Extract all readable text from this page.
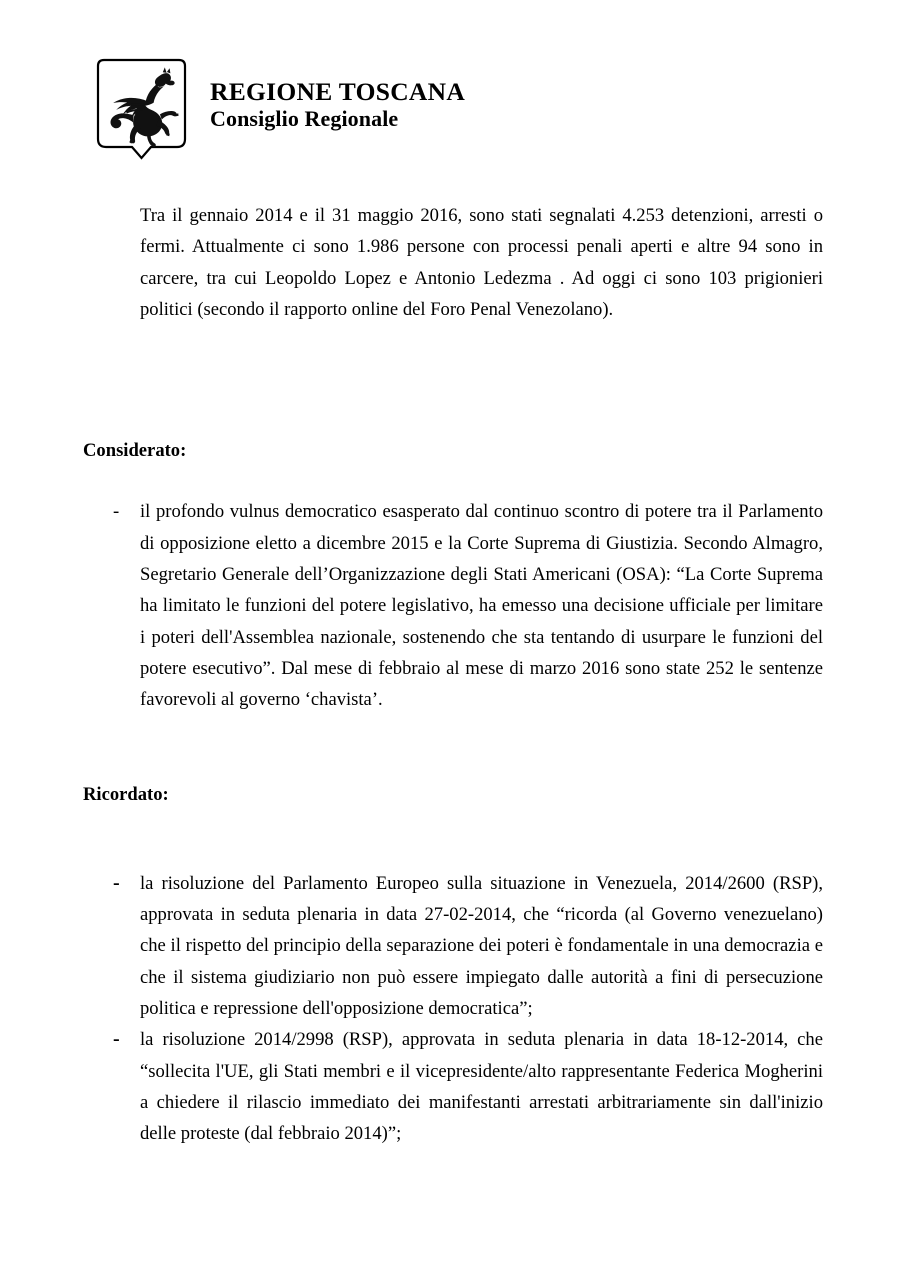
REGIONE TOSCANA
Consiglio Regionale

Tra il gennaio 2014 e il 31 maggio 2016, sono stati segnalati 4.253 detenzioni, arresti o fermi. Attualmente ci sono 1.986 persone con processi penali aperti e altre 94 sono in carcere, tra cui Leopoldo Lopez e Antonio Ledezma . Ad oggi ci sono 103 prigionieri politici (secondo il rapporto online del Foro Penal Venezolano).

Considerato:
- il profondo vulnus democratico esasperato dal continuo scontro di potere tra il Parlamento di opposizione eletto a dicembre 2015 e la Corte Suprema di Giustizia. Secondo Almagro, Segretario Generale dell’Organizzazione degli Stati Americani (OSA): “La Corte Suprema ha limitato le funzioni del potere legislativo, ha emesso una decisione ufficiale per limitare i poteri dell'Assemblea nazionale, sostenendo che sta tentando di usurpare le funzioni del potere esecutivo”. Dal mese di febbraio al mese di marzo 2016 sono state 252 le sentenze favorevoli al governo ‘chavista’.
Ricordato:
- la risoluzione del Parlamento Europeo sulla situazione in Venezuela, 2014/2600 (RSP), approvata in seduta plenaria in data 27-02-2014, che “ricorda (al Governo venezuelano) che il rispetto del principio della separazione dei poteri è fondamentale in una democrazia e che il sistema giudiziario non può essere impiegato dalle autorità a fini di persecuzione politica e repressione dell'opposizione democratica”;
- la risoluzione 2014/2998 (RSP), approvata in seduta plenaria in data 18-12-2014, che “sollecita l'UE, gli Stati membri e il vicepresidente/alto rappresentante Federica Mogherini a chiedere il rilascio immediato dei manifestanti arrestati arbitrariamente sin dall'inizio delle proteste (dal febbraio 2014)”;
